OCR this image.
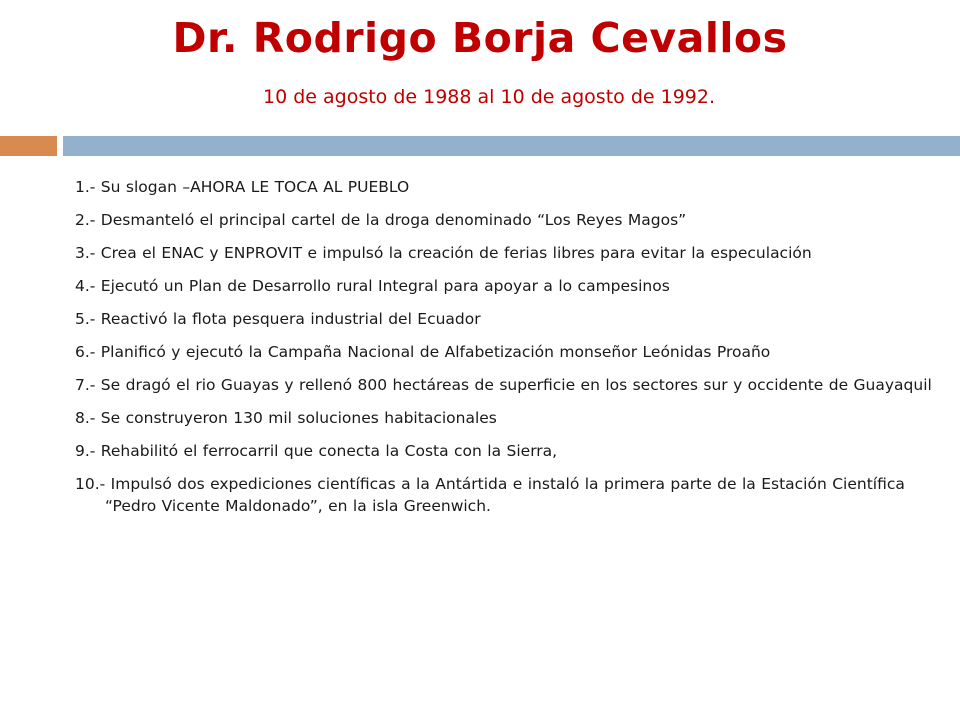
Dr. Rodrigo Borja Cevallos

10 de agosto de 1988 al 10 de agosto de 1992.

1.- Su slogan –AHORA LE TOCA AL PUEBLO
2.- Desmanteló el principal cartel de la droga denominado “Los Reyes Magos”
3.- Crea el ENAC y ENPROVIT e impulsó la creación de ferias libres para evitar la especulación
4.- Ejecutó un Plan de Desarrollo rural Integral para apoyar a lo campesinos
5.- Reactivó la flota pesquera industrial del Ecuador
6.- Planificó y ejecutó la Campaña Nacional de Alfabetización monseñor Leónidas Proaño
7.- Se dragó el rio Guayas y rellenó 800 hectáreas de superficie en los sectores sur y occidente de Guayaquil
8.- Se construyeron 130 mil soluciones habitacionales
9.- Rehabilitó el ferrocarril que conecta la Costa con la Sierra,
10.- Impulsó dos expediciones científicas a la Antártida e instaló la primera parte de la Estación Científica “Pedro Vicente Maldonado”, en la isla Greenwich.
